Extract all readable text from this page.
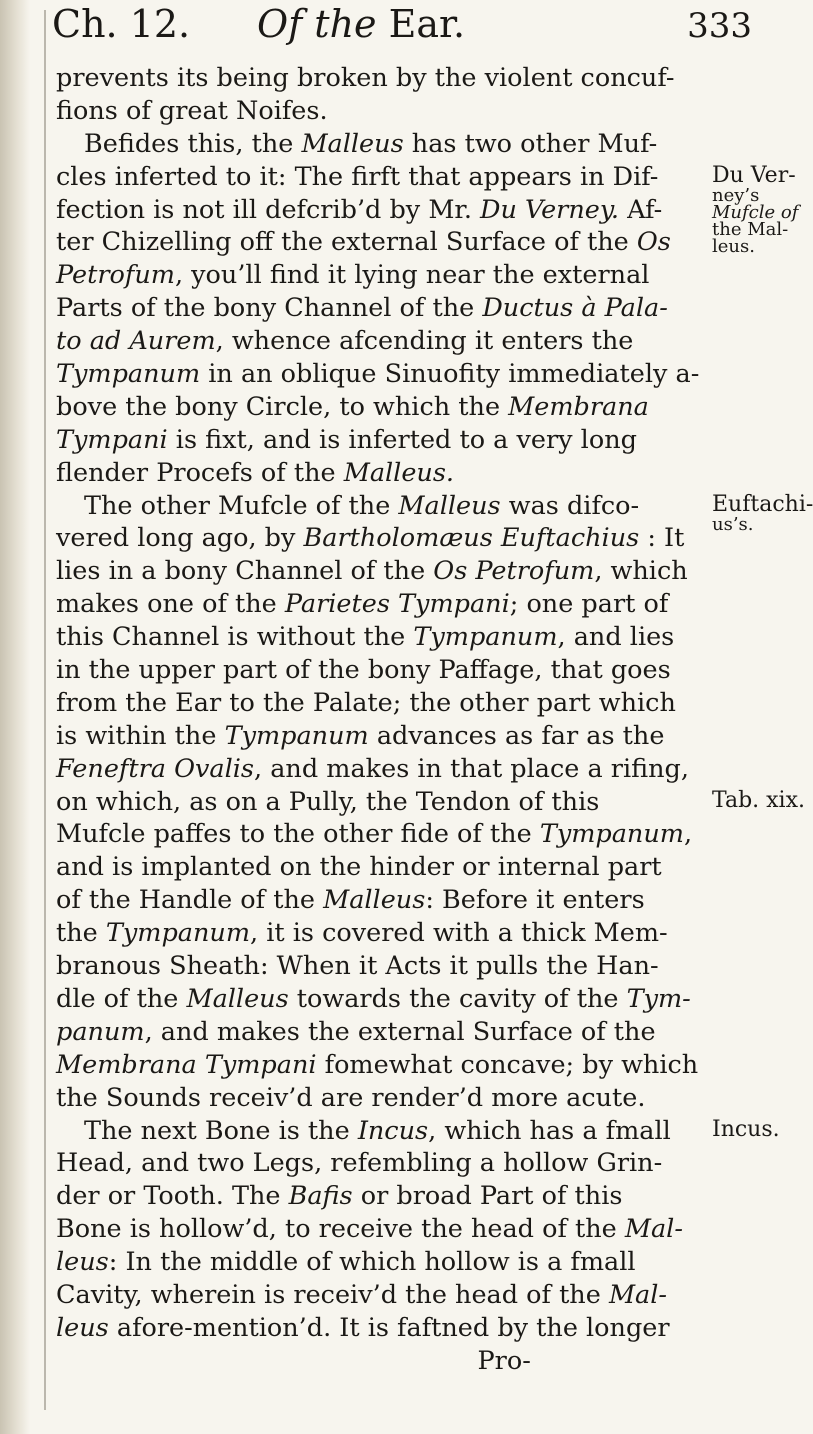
Ch. 12. Of the Ear.	333
prevents its being broken by the violent concuf-
fions of great Noifes.
Befides this, the Malleus has two other Muf-
cles inferted to it: The firft that appears in Dif-
fection is not ill defcrib’d by Mr. Du Verney. Af-
ter Chizelling off the external Surface of the Os
Petrofum, you’ll find it lying near the external
Parts of the bony Channel of the Ductus à Pala-
to ad Aurem, whence afcending it enters the
Tympanum in an oblique Sinuofity immediately a-
bove the bony Circle, to which the Membrana
Tympani is fixt, and is inferted to a very long
flender Procefs of the Malleus.
The other Mufcle of the Malleus was difco-
vered long ago, by Bartholomæus Euftachius : It
lies in a bony Channel of the Os Petrofum, which
makes one of the Parietes Tympani; one part of
this Channel is without the Tympanum, and lies
in the upper part of the bony Paffage, that goes
from the Ear to the Palate; the other part which
is within the Tympanum advances as far as the
Feneftra Ovalis, and makes in that place a rifing,
on which, as on a Pully, the Tendon of this
Mufcle paffes to the other fide of the Tympanum,
and is implanted on the hinder or internal part
of the Handle of the Malleus: Before it enters
the Tympanum, it is covered with a thick Mem-
branous Sheath: When it Acts it pulls the Han-
dle of the Malleus towards the cavity of the Tym-
panum, and makes the external Surface of the
Membrana Tympani fomewhat concave; by which
the Sounds receiv’d are render’d more acute.
The next Bone is the Incus, which has a fmall
Head, and two Legs, refembling a hollow Grin-
der or Tooth. The Bafis or broad Part of this
Bone is hollow’d, to receive the head of the Mal-
leus: In the middle of which hollow is a fmall
Cavity, wherein is receiv’d the head of the Mal-
leus afore-mention’d. It is faftned by the longer
Pro-
Du Ver-
ney’s
Mufcle of
the Mal-
leus.
Euftachi-
us’s.
Tab. xix.
Incus.
